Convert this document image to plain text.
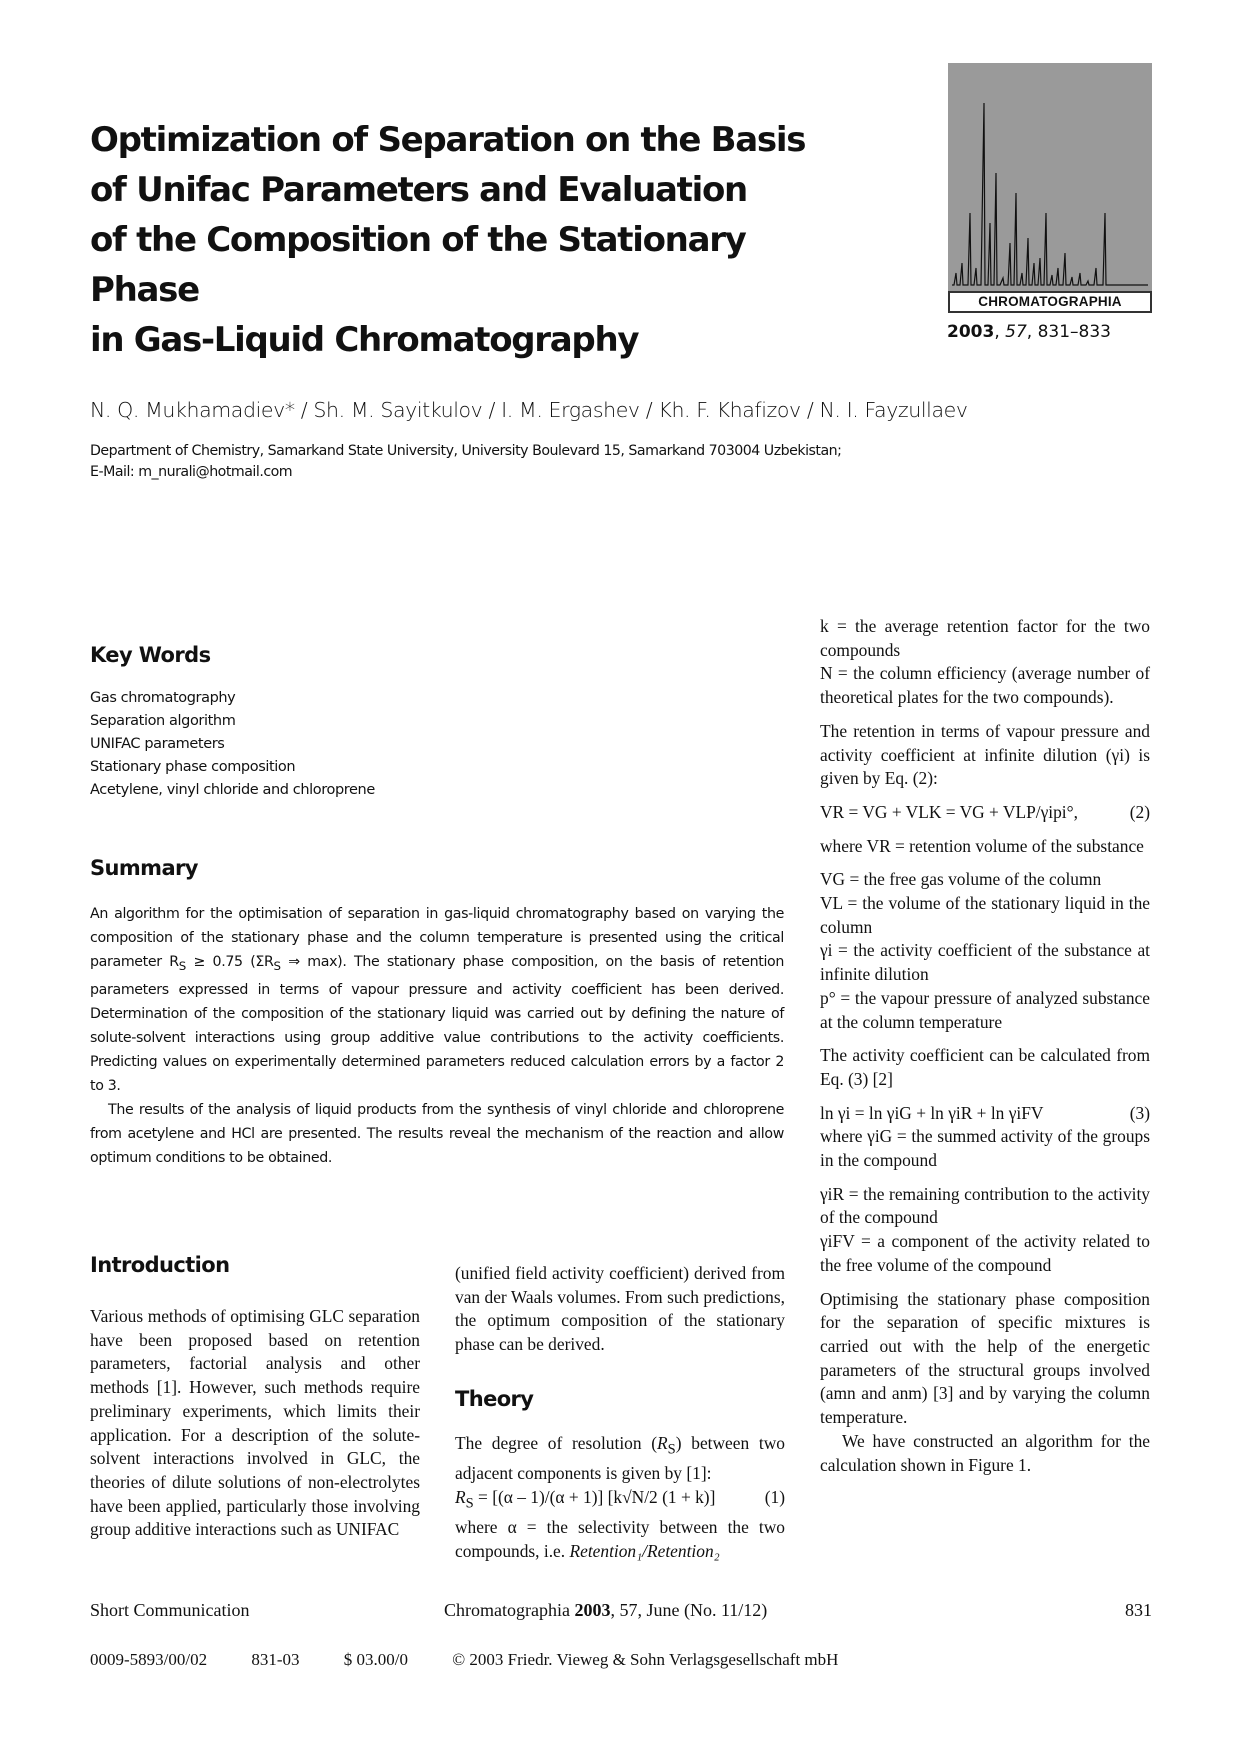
Optimization of Separation on the Basis
of Unifac Parameters and Evaluation
of the Composition of the Stationary Phase
in Gas-Liquid Chromatography
CHROMATOGRAPHIA
2003, 57, 831–833

N. Q. Mukhamadiev* / Sh. M. Sayitkulov / I. M. Ergashev / Kh. F. Khafizov / N. I. Fayzullaev

Department of Chemistry, Samarkand State University, University Boulevard 15, Samarkand 703004 Uzbekistan;
E-Mail: m_nurali@hotmail.com
Key Words
Gas chromatography
Separation algorithm
UNIFAC parameters
Stationary phase composition
Acetylene, vinyl chloride and chloroprene
Summary

An algorithm for the optimisation of separation in gas-liquid chromatography based on varying the composition of the stationary phase and the column temperature is presented using the critical parameter $R_S \ge 0.75$ ($\Sigma R_S$ ⇒ max). The stationary phase composition, on the basis of retention parameters expressed in terms of vapour pressure and activity coefficient has been derived. Determination of the composition of the stationary liquid was carried out by defining the nature of solute-solvent interactions using group additive value contributions to the activity coefficients. Predicting values on experimentally determined parameters reduced calculation errors by a factor 2 to 3.

The results of the analysis of liquid products from the synthesis of vinyl chloride and chloroprene from acetylene and HCl are presented. The results reveal the mechanism of the reaction and allow optimum conditions to be obtained.

Introduction

Various methods of optimising GLC separation have been proposed based on retention parameters, factorial analysis and other methods [1]. However, such methods require preliminary experiments, which limits their application. For a description of the solute-solvent interactions involved in GLC, the theories of dilute solutions of non-electrolytes have been applied, particularly those involving group additive interactions such as UNIFAC

(unified field activity coefficient) derived from van der Waals volumes. From such predictions, the optimum composition of the stationary phase can be derived.

Theory

The degree of resolution $(R_S)$ between two adjacent components is given by [1]:

$R_S = [(\alpha - 1)/(\alpha + 1)]$ [k√N/2 (1 + k)]	(1)

where α = the selectivity between the two compounds, i.e. Retention₁/Retention₂

k = the average retention factor for the two compounds

N = the column efficiency (average number of theoretical plates for the two compounds).

The retention in terms of vapour pressure and activity coefficient at infinite dilution (γi) is given by Eq. (2):

VR = VG + VLK = VG + VLP/γipi°,	(2)

where VR = retention volume of the substance

VG = the free gas volume of the column

VL = the volume of the stationary liquid in the column

γi = the activity coefficient of the substance at infinite dilution

p° = the vapour pressure of analyzed substance at the column temperature

The activity coefficient can be calculated from Eq. (3) [2]

ln γi = ln γiG + ln γiR + ln γiFV	(3)

where γiG = the summed activity of the groups in the compound

γiR = the remaining contribution to the activity of the compound

γiFV = a component of the activity related to the free volume of the compound

Optimising the stationary phase composition for the separation of specific mixtures is carried out with the help of the energetic parameters of the structural groups involved (amn and anm) [3] and by varying the column temperature.

We have constructed an algorithm for the calculation shown in Figure 1.

Short Communication	Chromatographia 2003, 57, June (No. 11/12)	831
0009-5893/00/02	831-03	$ 03.00/0	© 2003 Friedr. Vieweg & Sohn Verlagsgesellschaft mbH
